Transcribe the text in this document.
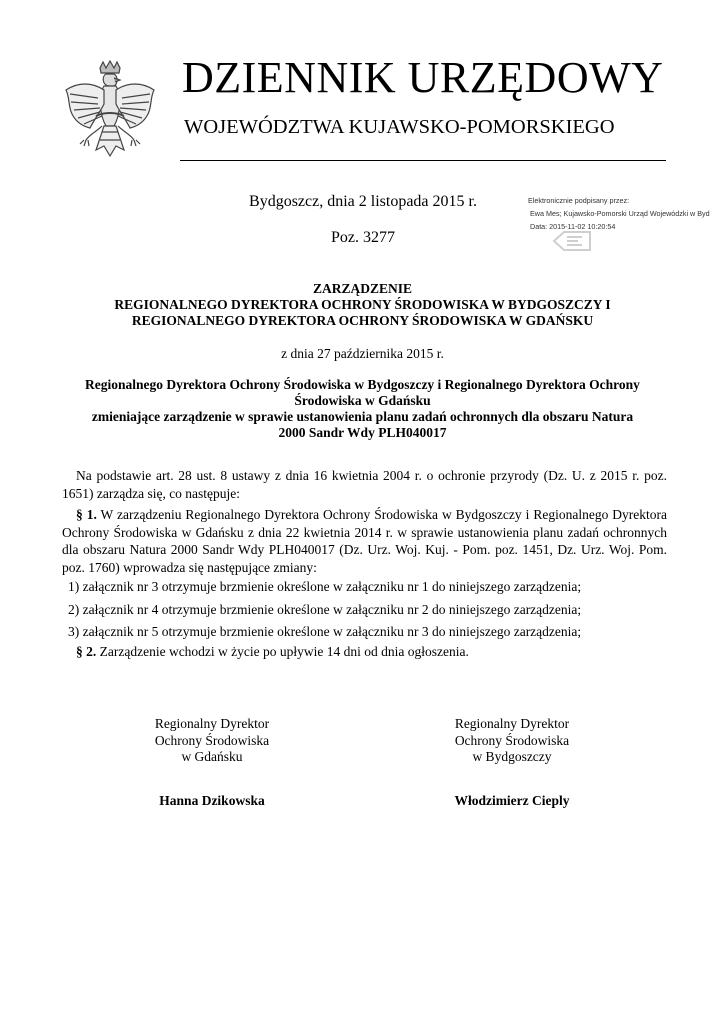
DZIENNIK URZĘDOWY
WOJEWÓDZTWA KUJAWSKO-POMORSKIEGO
Bydgoszcz, dnia 2 listopada 2015 r.
Poz. 3277
Elektronicznie podpisany przez:
Ewa Mes; Kujawsko-Pomorski Urząd Wojewódzki w Byd
Data: 2015-11-02 10:20:54
ZARZĄDZENIE
REGIONALNEGO DYREKTORA OCHRONY ŚRODOWISKA W BYDGOSZCZY I
REGIONALNEGO DYREKTORA OCHRONY ŚRODOWISKA W GDAŃSKU
z dnia 27 października 2015 r.
Regionalnego Dyrektora Ochrony Środowiska w Bydgoszczy i Regionalnego Dyrektora Ochrony
Środowiska w Gdańsku
zmieniające zarządzenie w sprawie ustanowienia planu zadań ochronnych dla obszaru Natura
2000 Sandr Wdy PLH040017
Na podstawie art. 28 ust. 8 ustawy z dnia 16 kwietnia 2004 r. o ochronie przyrody (Dz. U. z 2015 r. poz. 1651) zarządza się, co następuje:
§ 1. W zarządzeniu Regionalnego Dyrektora Ochrony Środowiska w Bydgoszczy i Regionalnego Dyrektora Ochrony Środowiska w Gdańsku z dnia 22 kwietnia 2014 r. w sprawie ustanowienia planu zadań ochronnych dla obszaru Natura 2000 Sandr Wdy PLH040017 (Dz. Urz. Woj. Kuj. - Pom. poz. 1451, Dz. Urz. Woj. Pom. poz. 1760) wprowadza się następujące zmiany:
1) załącznik nr 3 otrzymuje brzmienie określone w załączniku nr 1 do niniejszego zarządzenia;
2) załącznik nr 4 otrzymuje brzmienie określone w załączniku nr 2 do niniejszego zarządzenia;
3) załącznik nr 5 otrzymuje brzmienie określone w załączniku nr 3 do niniejszego zarządzenia;
§ 2. Zarządzenie wchodzi w życie po upływie 14 dni od dnia ogłoszenia.
Regionalny Dyrektor
Ochrony Środowiska
w Gdańsku
Regionalny Dyrektor
Ochrony Środowiska
w Bydgoszczy
Hanna Dzikowska	Włodzimierz Cieply
